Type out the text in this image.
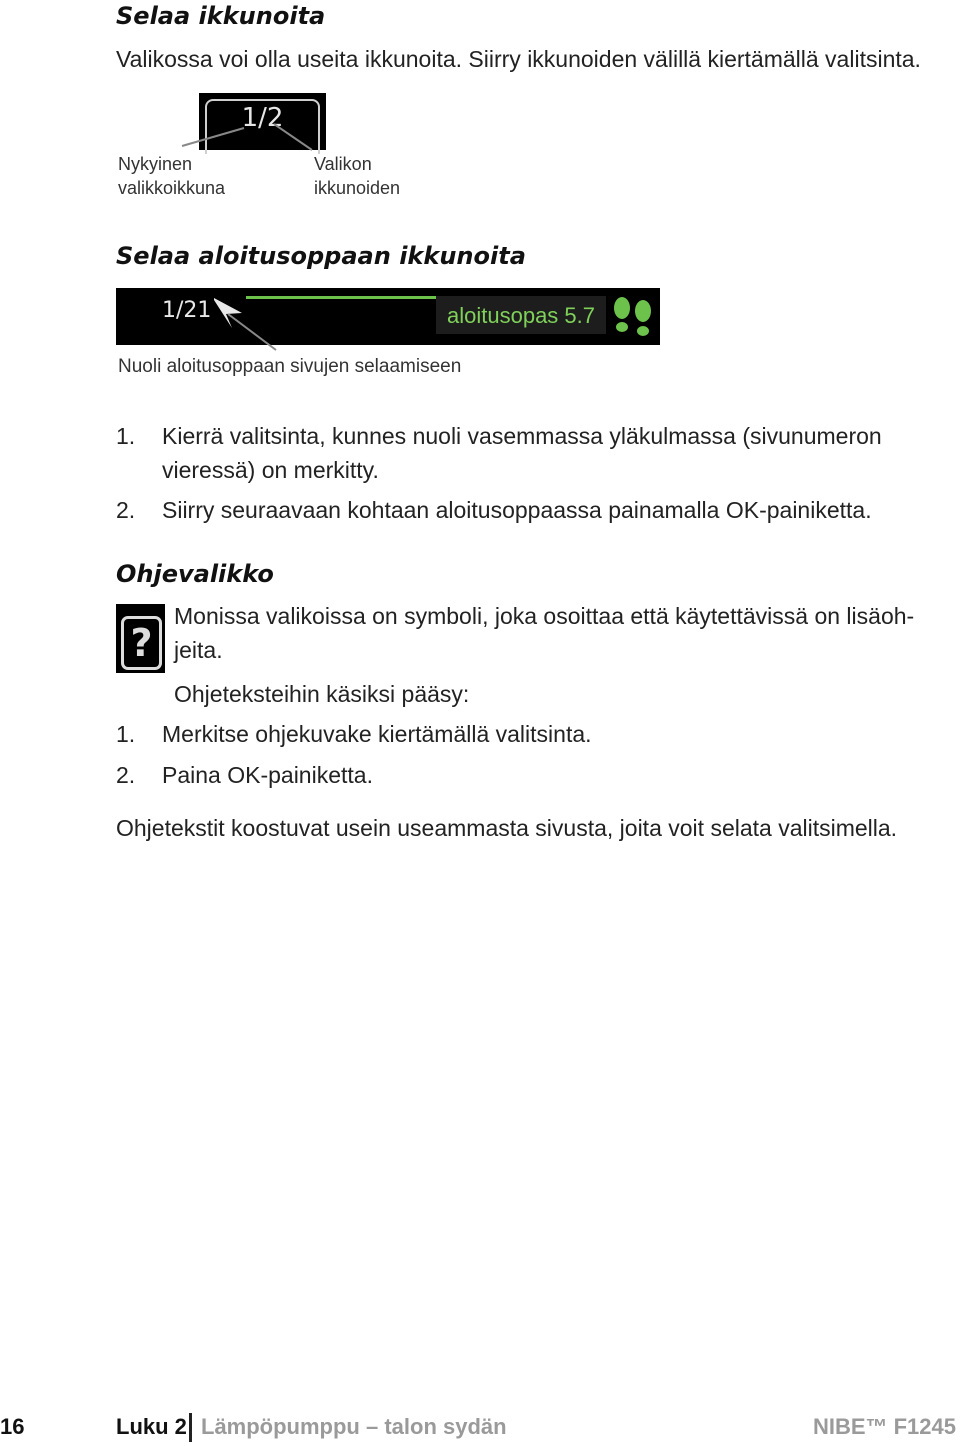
Selaa ikkunoita
Valikossa voi olla useita ikkunoita. Siirry ikkunoiden välillä kiertämällä valitsinta.
1/2
Nykyinen
valikkoikkuna
Valikon
ikkunoiden
Selaa aloitusoppaan ikkunoita
1/21	aloitusopas 5.7
Nuoli aloitusoppaan sivujen selaamiseen
1. Kierrä valitsinta, kunnes nuoli vasemmassa yläkulmassa (sivunumeron
vieressä) on merkitty.
2. Siirry seuraavaan kohtaan aloitusoppaassa painamalla OK-painiketta.
Ohjevalikko
?
Monissa valikoissa on symboli, joka osoittaa että käytettävissä on lisäoh-
jeita.
Ohjeteksteihin käsiksi pääsy:
1. Merkitse ohjekuvake kiertämällä valitsinta.
2. Paina OK-painiketta.
Ohjetekstit koostuvat usein useammasta sivusta, joita voit selata valitsimella.
16	Luku 2 Lämpöpumppu – talon sydän	NIBE™ F1245
